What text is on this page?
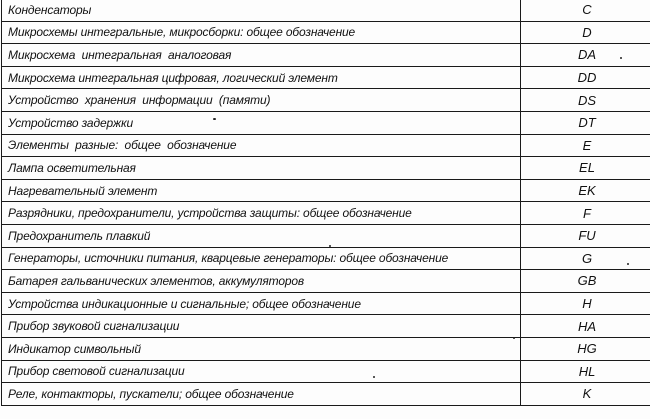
Конденсаторы	C
Микросхемы интегральные, микросборки: общее обозначение	D
Микросхема  интегральная  аналоговая	DA
Микросхема интегральная цифровая, логический элемент	DD
Устройство  хранения  информации  (памяти)	DS
Устройство задержки	DT
Элементы  разные:  общее  обозначение	E
Лампа осветительная	EL
Нагревательный элемент	EK
Разрядники, предохранители, устройства защиты: общее обозначение	F
Предохранитель плавкий	FU
Генераторы, источники питания, кварцевые генераторы: общее обозначение	G
Батарея гальванических элементов, аккумуляторов	GB
Устройства индикационные и сигнальные; общее обозначение	H
Прибор звуковой сигнализации	HA
Индикатор символьный	HG
Прибор световой сигнализации	HL
Реле, контакторы, пускатели; общее обозначение	K
